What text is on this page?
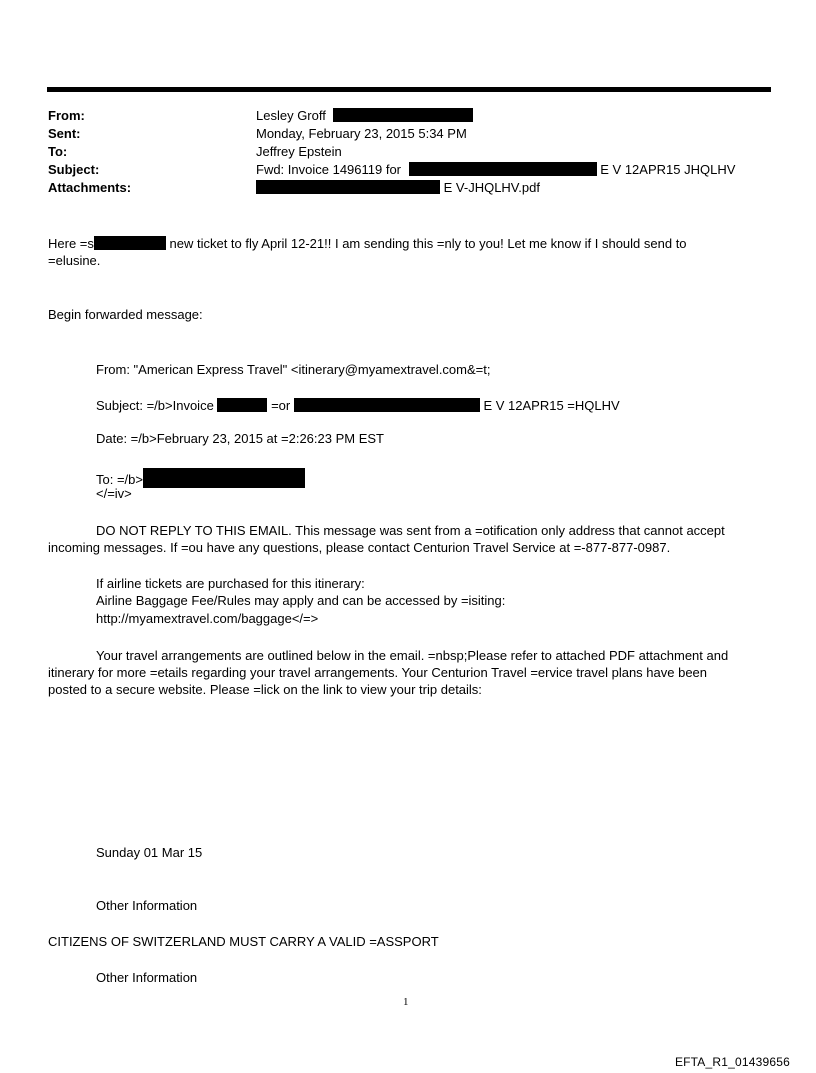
From:	Lesley Groff
Sent:	Monday, February 23, 2015 5:34 PM
To:	Jeffrey Epstein
Subject:	Fwd: Invoice 1496119 for	E V 12APR15 JHQLHV
Attachments:	E V-JHQLHV.pdf
Here =s	new ticket to fly April 12-21!! I am sending this =nly to you! Let me know if I should send to
=elusine.
Begin forwarded message:
From: "American Express Travel" <itinerary@myamextravel.com&=t;
Subject: =/b>Invoice	=or	E V 12APR15 =HQLHV
Date: =/b>February 23, 2015 at =2:26:23 PM EST
To: =/b>
</=iv>
DO NOT REPLY TO THIS EMAIL. This message was sent from a =otification only address that cannot accept
incoming messages. If =ou have any questions, please contact Centurion Travel Service at =-877-877-0987.
If airline tickets are purchased for this itinerary:
Airline Baggage Fee/Rules may apply and can be accessed by =isiting:
http://myamextravel.com/baggage</=>
Your travel arrangements are outlined below in the email. =nbsp;Please refer to attached PDF attachment and
itinerary for more =etails regarding your travel arrangements. Your Centurion Travel =ervice travel plans have been
posted to a secure website. Please =lick on the link to view your trip details:
Sunday 01 Mar 15
Other Information
CITIZENS OF SWITZERLAND MUST CARRY A VALID =ASSPORT
Other Information
1
EFTA_R1_01439656
